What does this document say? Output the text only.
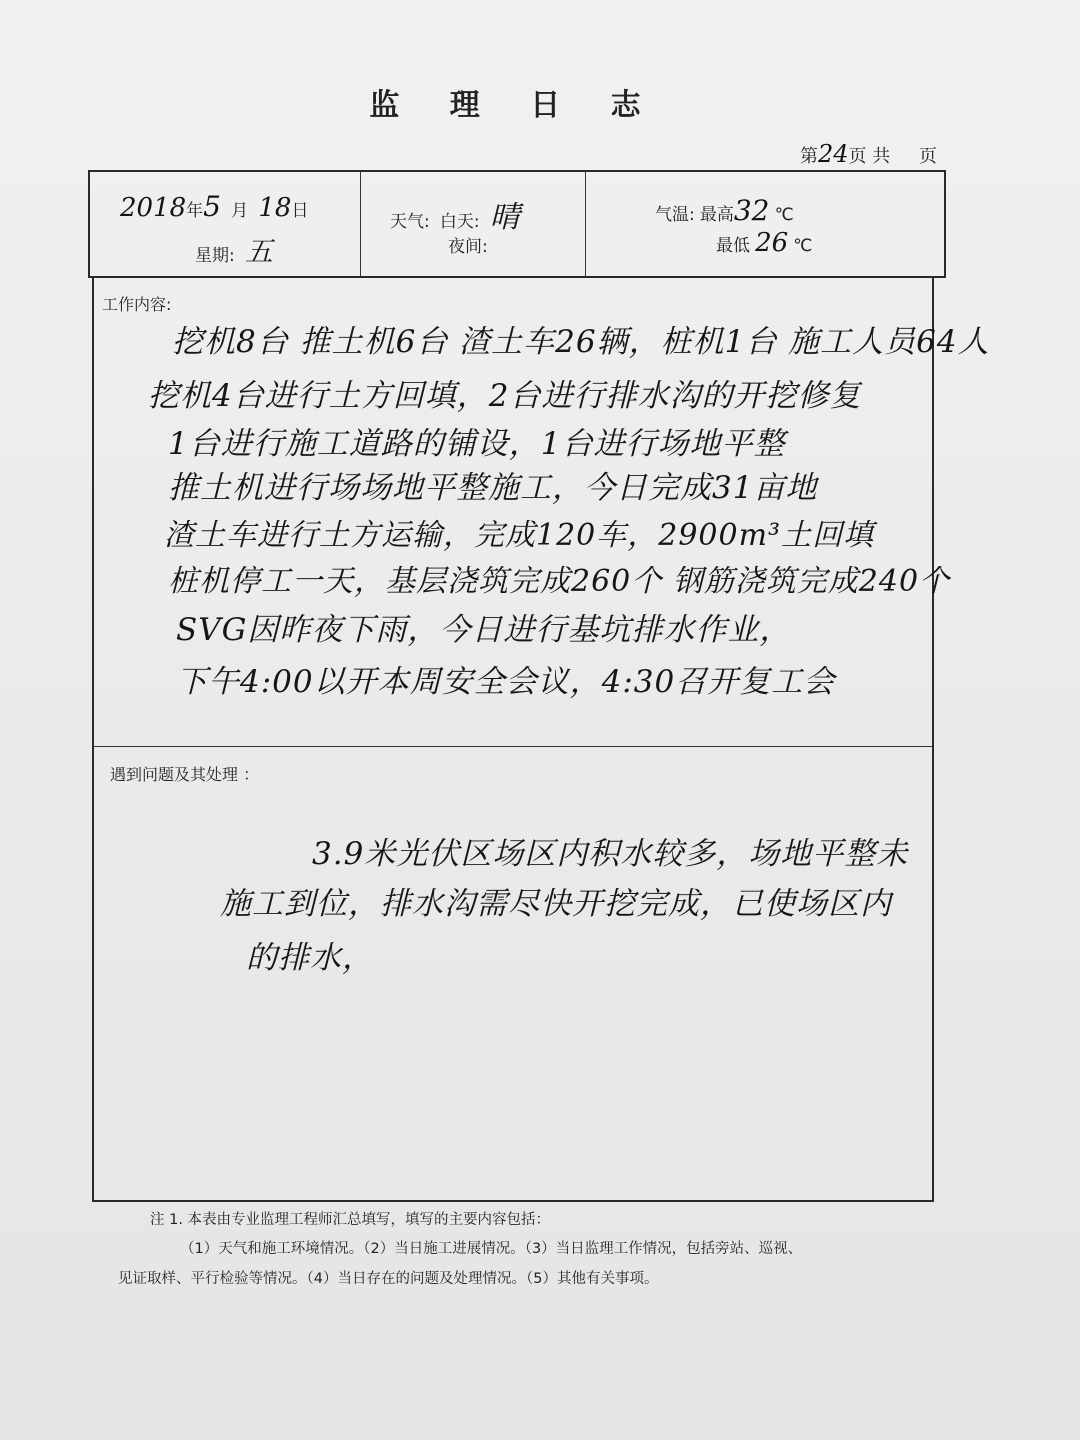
监 理 日 志
第24页 共 页
2018年5 月 18日
星期: 五
天气: 白天: 晴
夜间:
气温: 最高32 ℃
最低 26 ℃
工作内容:
挖机8台 推土机6台 渣土车26辆，桩机1台 施工人员64人
挖机4台进行土方回填，2台进行排水沟的开挖修复
1台进行施工道路的铺设，1台进行场地平整
推土机进行场场地平整施工，今日完成31亩地
渣土车进行土方运输，完成120车，2900m³土回填
桩机停工一天，基层浇筑完成260个 钢筋浇筑完成240个
SVG因昨夜下雨，今日进行基坑排水作业，
下午4:00以开本周安全会议，4:30召开复工会
遇到问题及其处理 ：
3.9米光伏区场区内积水较多，场地平整未
施工到位，排水沟需尽快开挖完成，已使场区内
的排水，
注 1. 本表由专业监理工程师汇总填写，填写的主要内容包括：
（1）天气和施工环境情况。（2）当日施工进展情况。（3）当日监理工作情况，包括旁站、巡视、
见证取样、平行检验等情况。（4）当日存在的问题及处理情况。（5）其他有关事项。
